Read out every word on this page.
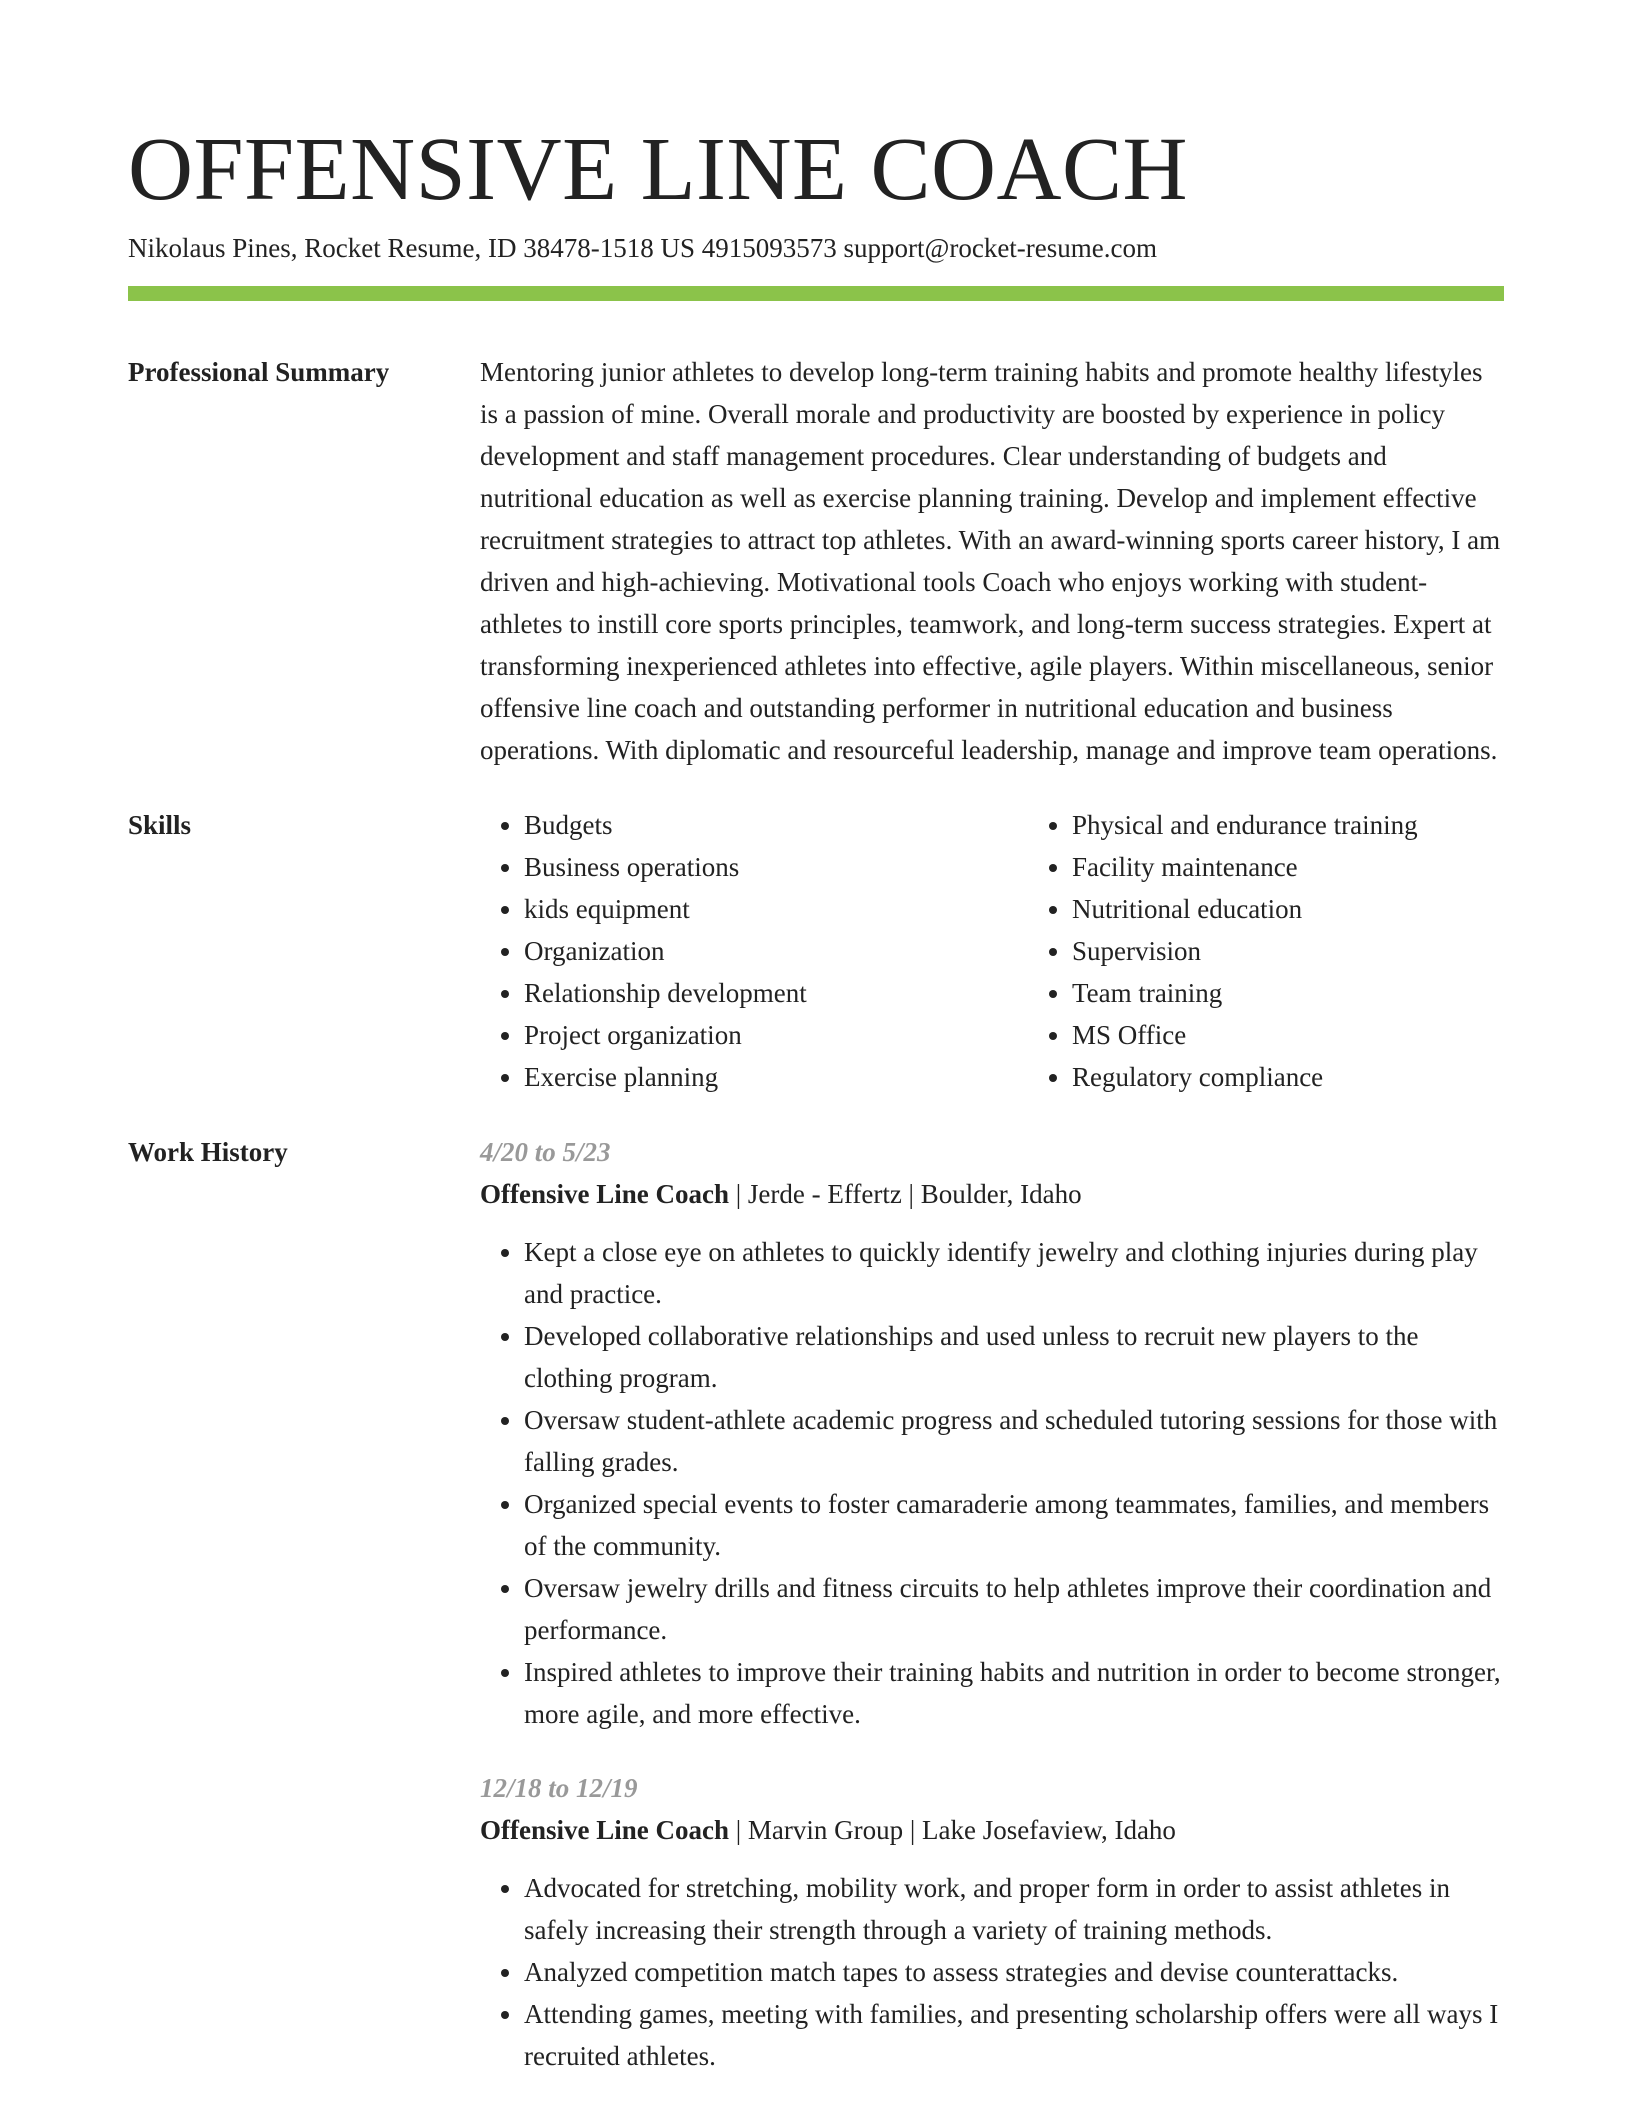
OFFENSIVE LINE COACH
Nikolaus Pines, Rocket Resume, ID 38478-1518 US 4915093573 support@rocket-resume.com
Professional Summary	Mentoring junior athletes to develop long-term training habits and promote healthy lifestyles is a passion of mine. Overall morale and productivity are boosted by experience in policy development and staff management procedures. Clear understanding of budgets and nutritional education as well as exercise planning training. Develop and implement effective recruitment strategies to attract top athletes. With an award-winning sports career history, I am driven and high-achieving. Motivational tools Coach who enjoys working with student-athletes to instill core sports principles, teamwork, and long-term success strategies. Expert at transforming inexperienced athletes into effective, agile players. Within miscellaneous, senior offensive line coach and outstanding performer in nutritional education and business operations. With diplomatic and resourceful leadership, manage and improve team operations.
Skills
•	Budgets
• Business operations
• kids equipment
• Organization
• Relationship development
• Project organization
• Exercise planning
• Physical and endurance training
• Facility maintenance
• Nutritional education
• Supervision
• Team training
• MS Office
• Regulatory compliance
Work History	4/20 to 5/23
Offensive Line Coach | Jerde - Effertz | Boulder, Idaho
• Kept a close eye on athletes to quickly identify jewelry and clothing injuries during play and practice.
• Developed collaborative relationships and used unless to recruit new players to the clothing program.
• Oversaw student-athlete academic progress and scheduled tutoring sessions for those with falling grades.
• Organized special events to foster camaraderie among teammates, families, and members of the community.
• Oversaw jewelry drills and fitness circuits to help athletes improve their coordination and performance.
• Inspired athletes to improve their training habits and nutrition in order to become stronger, more agile, and more effective.
12/18 to 12/19
Offensive Line Coach | Marvin Group | Lake Josefaview, Idaho
• Advocated for stretching, mobility work, and proper form in order to assist athletes in safely increasing their strength through a variety of training methods.
• Analyzed competition match tapes to assess strategies and devise counterattacks.
• Attending games, meeting with families, and presenting scholarship offers were all ways I recruited athletes.
